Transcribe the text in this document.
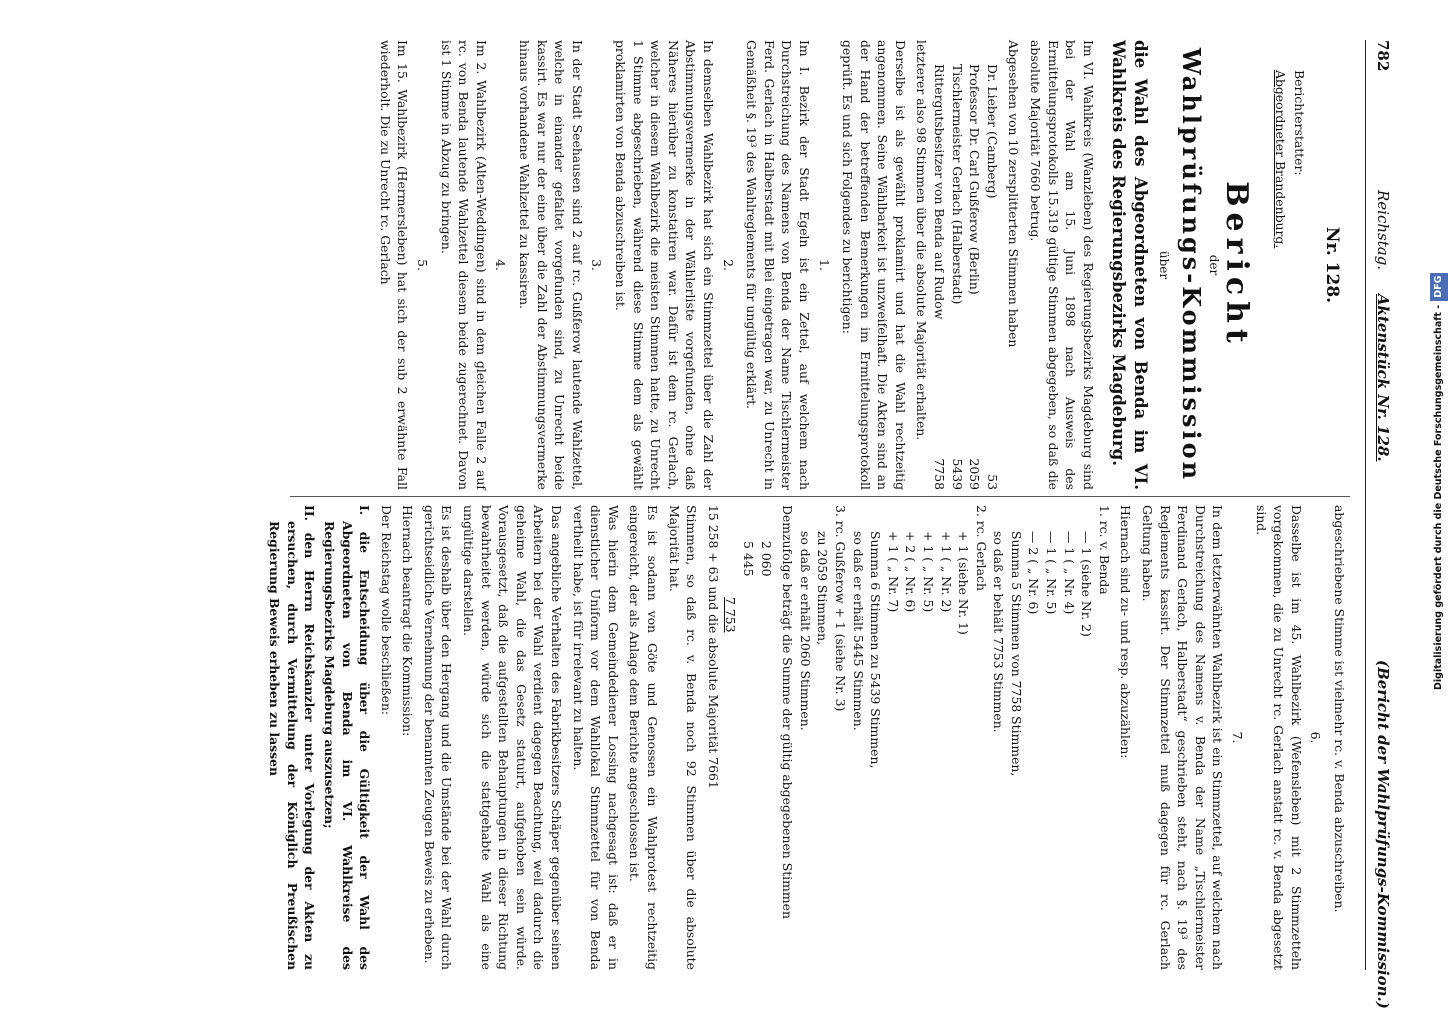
782
Reichstag.     Aktenstück Nr. 128.
(Bericht der Wahlprüfungs-Kommission.)
Nr. 128.
Berichterstatter:
Abgeordneter Brandenburg.
Bericht
der
Wahlprüfungs-Kommission
über
die Wahl des Abgeordneten von Benda im VI. Wahlkreis des Regierungsbezirks Magdeburg.

Im VI. Wahlkreis (Wanzleben) des Regierungsbezirks Magdeburg sind bei der Wahl am 15. Juni 1898 nach Ausweis des Ermittelungsprotokolls 15.319 gültige Stimmen abgegeben, so daß die absolute Majorität 7660 betrug.

Abgesehen von 10 zersplitterten Stimmen haben

Dr. Lieber (Camberg)
53
Professor Dr. Carl Gußferow (Berlin)
2059
Tischlermeister Gerlach (Halberstadt)
5439
Rittergutsbesitzer von Benda auf Rudow
7758

letzterer also 98 Stimmen über die absolute Majorität erhalten.

Derselbe ist als gewählt proklamirt und hat die Wahl rechtzeitig angenommen. Seine Wählbarkeit ist unzweifelhaft. Die Akten sind an der Hand der betreffenden Bemerkungen im Ermittelungsprotokoll geprüft. Es und sich Folgendes zu berichtigen:

1.

Im I. Bezirk der Stadt Egeln ist ein Zettel, auf welchem nach Durchstreichung des Namens von Benda der Name Tischlermeister Ferd. Gerlach in Halberstadt mit Blei eingetragen war, zu Unrecht in Gemäßheit §. 19³ des Wahlreglements für ungültig erklärt.

2.

In demselben Wahlbezirk hat sich ein Stimmzettel über die Zahl der Abstimmungsvermerke in der Wählerliste vorgefunden, ohne daß Näheres hierüber zu konstatiren war. Dafür ist dem rc. Gerlach, welcher in diesem Wahlbezirk die meisten Stimmen hatte, zu Unrecht 1 Stimme abgeschrieben, während diese Stimme dem als gewählt proklamirten von Benda abzuschreiben ist.

3.

In der Stadt Seehausen sind 2 auf rc. Gußferow lautende Wahlzettel, welche in einander gefaltet vorgefunden sind, zu Unrecht beide kassirt. Es war nur der eine über die Zahl der Abstimmungsvermerke hinaus vorhandene Wahlzettel zu kassiren.

4.

Im 2. Wahlbezirk (Alten-Weddingen) sind in dem gleichen Falle 2 auf rc. von Benda lautende Wahlzettel diesem beide zugerechnet. Davon ist 1 Stimme in Abzug zu bringen.

5.

Im 15. Wahlbezirk (Hermersleben) hat sich der sub 2 erwähnte Fall wiederholt. Die zu Unrecht rc. Gerlach

abgeschriebene Stimme ist vielmehr rc. v. Benda abzuschreiben.

6.

Dasselbe ist im 45. Wahlbezirk (Wefensleben) mit 2 Stimmzetteln vorgekommen, die zu Unrecht rc. Gerlach anstatt rc. v. Benda abgesetzt sind.

7.

In dem letzterwähnten Wahlbezirk ist ein Stimmzettel, auf welchem nach Durchstreichung des Namens v. Benda der Name „Tischlermeister Ferdinand Gerlach, Halberstadt“ geschrieben steht, nach §. 19³ des Reglements kassirt. Der Stimmzettel muß dagegen für rc. Gerlach Geltung haben.

Hiernach sind zu- und resp. abzuzählen:

1. rc. v. Benda
— 1 (siehe Nr. 2)
— 1 ( „ Nr. 4)
— 1 ( „ Nr. 5)
— 2 ( „ Nr. 6)
Summa 5 Stimmen von 7758 Stimmen,
so daß er behält 7753 Stimmen.
2. rc. Gerlach
+ 1 (siehe Nr. 1)
+ 1 ( „ Nr. 2)
+ 1 ( „ Nr. 5)
+ 2 ( „ Nr. 6)
+ 1 ( „ Nr. 7)
Summa 6 Stimmen zu 5439 Stimmen,
so daß er erhält 5445 Stimmen.
3. rc. Gußferow + 1 (siehe Nr. 3)
zu 2059 Stimmen,
so daß er erhält 2060 Stimmen.

Demzufolge beträgt die Summe der gültig abgegebenen Stimmen

2 060
5 445
7 753
15 258 + 63 und die absolute Majorität 7661

Stimmen, so daß rc. v. Benda noch 92 Stimmen über die absolute Majorität hat.

Es ist sodann von Göte und Genossen ein Wahlprotest rechtzeitig eingereicht, der als Anlage dem Berichte angeschlossen ist.

Was hierin dem Gemeindediener Lossing nachgesagt ist: daß er in dienstlicher Uniform vor dem Wahllokal Stimmzettel für von Benda vertheilt habe, ist für irrelevant zu halten.

Das angebliche Verhalten des Fabrikbesitzers Schäper gegenüber seinen Arbeitern bei der Wahl verdient dagegen Beachtung, weil dadurch die geheime Wahl, die das Gesetz statuirt, aufgehoben sein würde. Vorausgesetzt, daß die aufgestellten Behauptungen in dieser Richtung bewahrheitet werden, würde sich die stattgehabte Wahl als eine ungültige darstellen.

Es ist deshalb über den Hergang und die Umstände bei der Wahl durch gerichtseidliche Vernehmung der benannten Zeugen Beweis zu erheben.

Hiernach beantragt die Kommission:

Der Reichstag wolle beschließen:

I. die Entscheidung über die Gültigkeit der Wahl des Abgeordneten von Benda im VI. Wahlkreise des Regierungsbezirks Magdeburg auszusetzen;

II. den Herrn Reichskanzler unter Vorlegung der Akten zu ersuchen, durch Vermittelung der Königlich Preußischen Regierung Beweis erheben zu lassen	Digitalisierung gefördert durch die Deutsche Forschungsgemeinschaft -DFG
